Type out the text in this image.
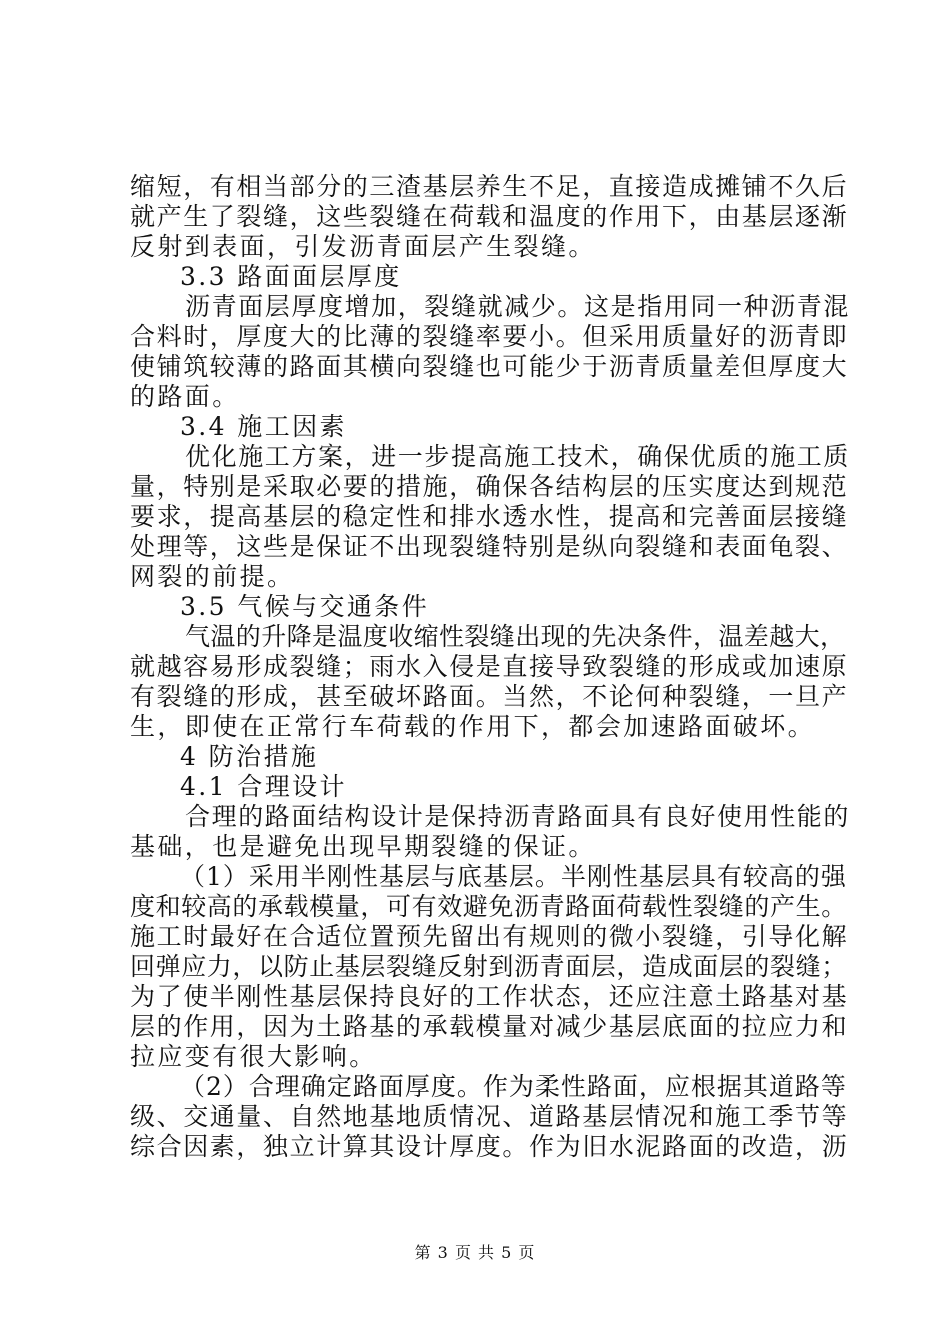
缩短，有相当部分的三渣基层养生不足，直接造成摊铺不久后
就产生了裂缝，这些裂缝在荷载和温度的作用下，由基层逐渐
反射到表面，引发沥青面层产生裂缝。
3.3 路面面层厚度
沥青面层厚度增加，裂缝就减少。这是指用同一种沥青混
合料时，厚度大的比薄的裂缝率要小。但采用质量好的沥青即
使铺筑较薄的路面其横向裂缝也可能少于沥青质量差但厚度大
的路面。
3.4 施工因素
优化施工方案，进一步提高施工技术，确保优质的施工质
量，特别是采取必要的措施，确保各结构层的压实度达到规范
要求，提高基层的稳定性和排水透水性，提高和完善面层接缝
处理等，这些是保证不出现裂缝特别是纵向裂缝和表面龟裂、
网裂的前提。
3.5 气候与交通条件
气温的升降是温度收缩性裂缝出现的先决条件，温差越大，
就越容易形成裂缝；雨水入侵是直接导致裂缝的形成或加速原
有裂缝的形成，甚至破坏路面。当然，不论何种裂缝，一旦产
生，即使在正常行车荷载的作用下，都会加速路面破坏。
4 防治措施
4.1 合理设计
合理的路面结构设计是保持沥青路面具有良好使用性能的
基础，也是避免出现早期裂缝的保证。
（1）采用半刚性基层与底基层。半刚性基层具有较高的强
度和较高的承载模量，可有效避免沥青路面荷载性裂缝的产生。
施工时最好在合适位置预先留出有规则的微小裂缝，引导化解
回弹应力，以防止基层裂缝反射到沥青面层，造成面层的裂缝；
为了使半刚性基层保持良好的工作状态，还应注意土路基对基
层的作用，因为土路基的承载模量对减少基层底面的拉应力和
拉应变有很大影响。
（2）合理确定路面厚度。作为柔性路面，应根据其道路等
级、交通量、自然地基地质情况、道路基层情况和施工季节等
综合因素，独立计算其设计厚度。作为旧水泥路面的改造，沥
第 3 页 共 5 页
